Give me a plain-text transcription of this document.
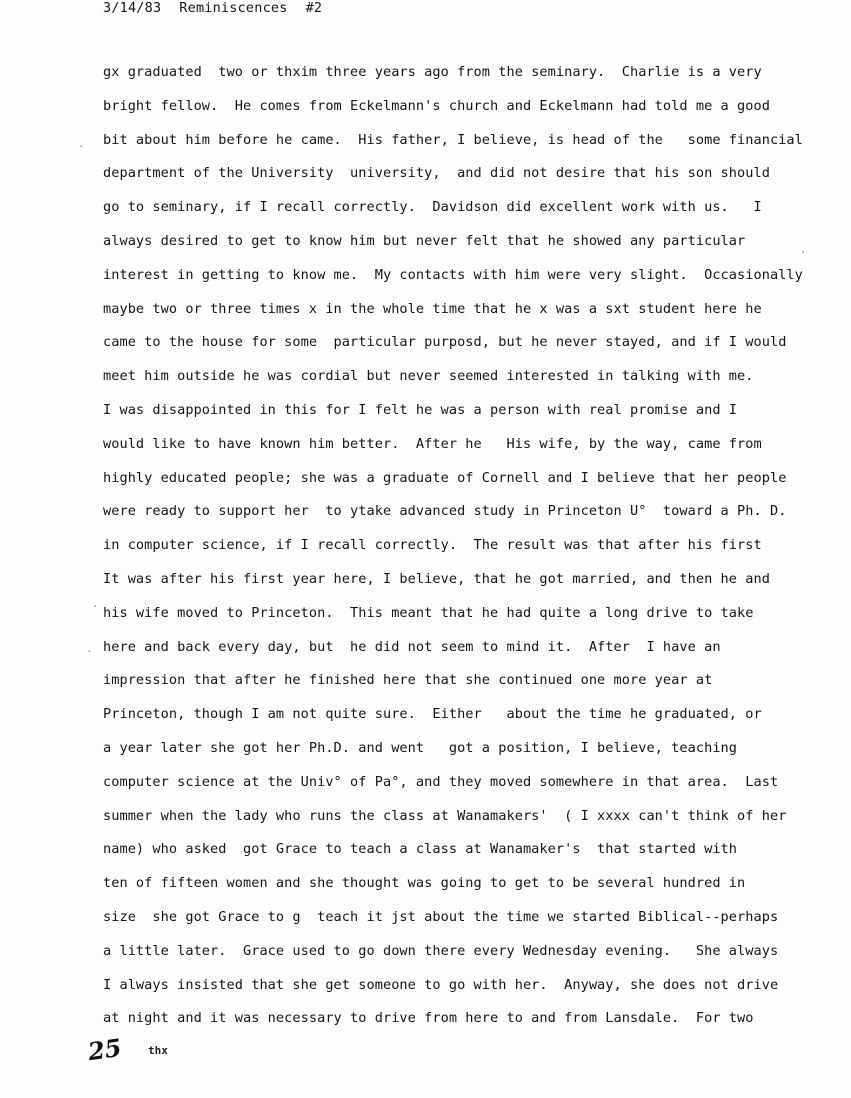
3/14/83 Reminiscences #2
gx graduated  two or thxim three years ago from the seminary.  Charlie is a very
bright fellow.  He comes from Eckelmann's church and Eckelmann had told me a good
bit about him before he came.  His father, I believe, is head of the   some financial
department of the University  university,  and did not desire that his son should
go to seminary, if I recall correctly.  Davidson did excellent work with us.   I
always desired to get to know him but never felt that he showed any particular
interest in getting to know me.  My contacts with him were very slight.  Occasionally
maybe two or three times x in the whole time that he x was a sxt student here he
came to the house for some  particular purposd, but he never stayed, and if I would
meet him outside he was cordial but never seemed interested in talking with me.
I was disappointed in this for I felt he was a person with real promise and I
would like to have known him better.  After he   His wife, by the way, came from
highly educated people; she was a graduate of Cornell and I believe that her people
were ready to support her  to ytake advanced study in Princeton U°  toward a Ph. D.
in computer science, if I recall correctly.  The result was that after his first
It was after his first year here, I believe, that he got married, and then he and
his wife moved to Princeton.  This meant that he had quite a long drive to take
here and back every day, but  he did not seem to mind it.  After  I have an
impression that after he finished here that she continued one more year at
Princeton, though I am not quite sure.  Either   about the time he graduated, or
a year later she got her Ph.D. and went   got a position, I believe, teaching
computer science at the Univ° of Pa°, and they moved somewhere in that area.  Last
summer when the lady who runs the class at Wanamakers'  ( I xxxx can't think of her
name) who asked  got Grace to teach a class at Wanamaker's  that started with
ten of fifteen women and she thought was going to get to be several hundred in
size  she got Grace to g  teach it jst about the time we started Biblical--perhaps
a little later.  Grace used to go down there every Wednesday evening.   She always
I always insisted that she get someone to go with her.  Anyway, she does not drive
at night and it was necessary to drive from here to and from Lansdale.  For two
25 thx
·
·
·
·
